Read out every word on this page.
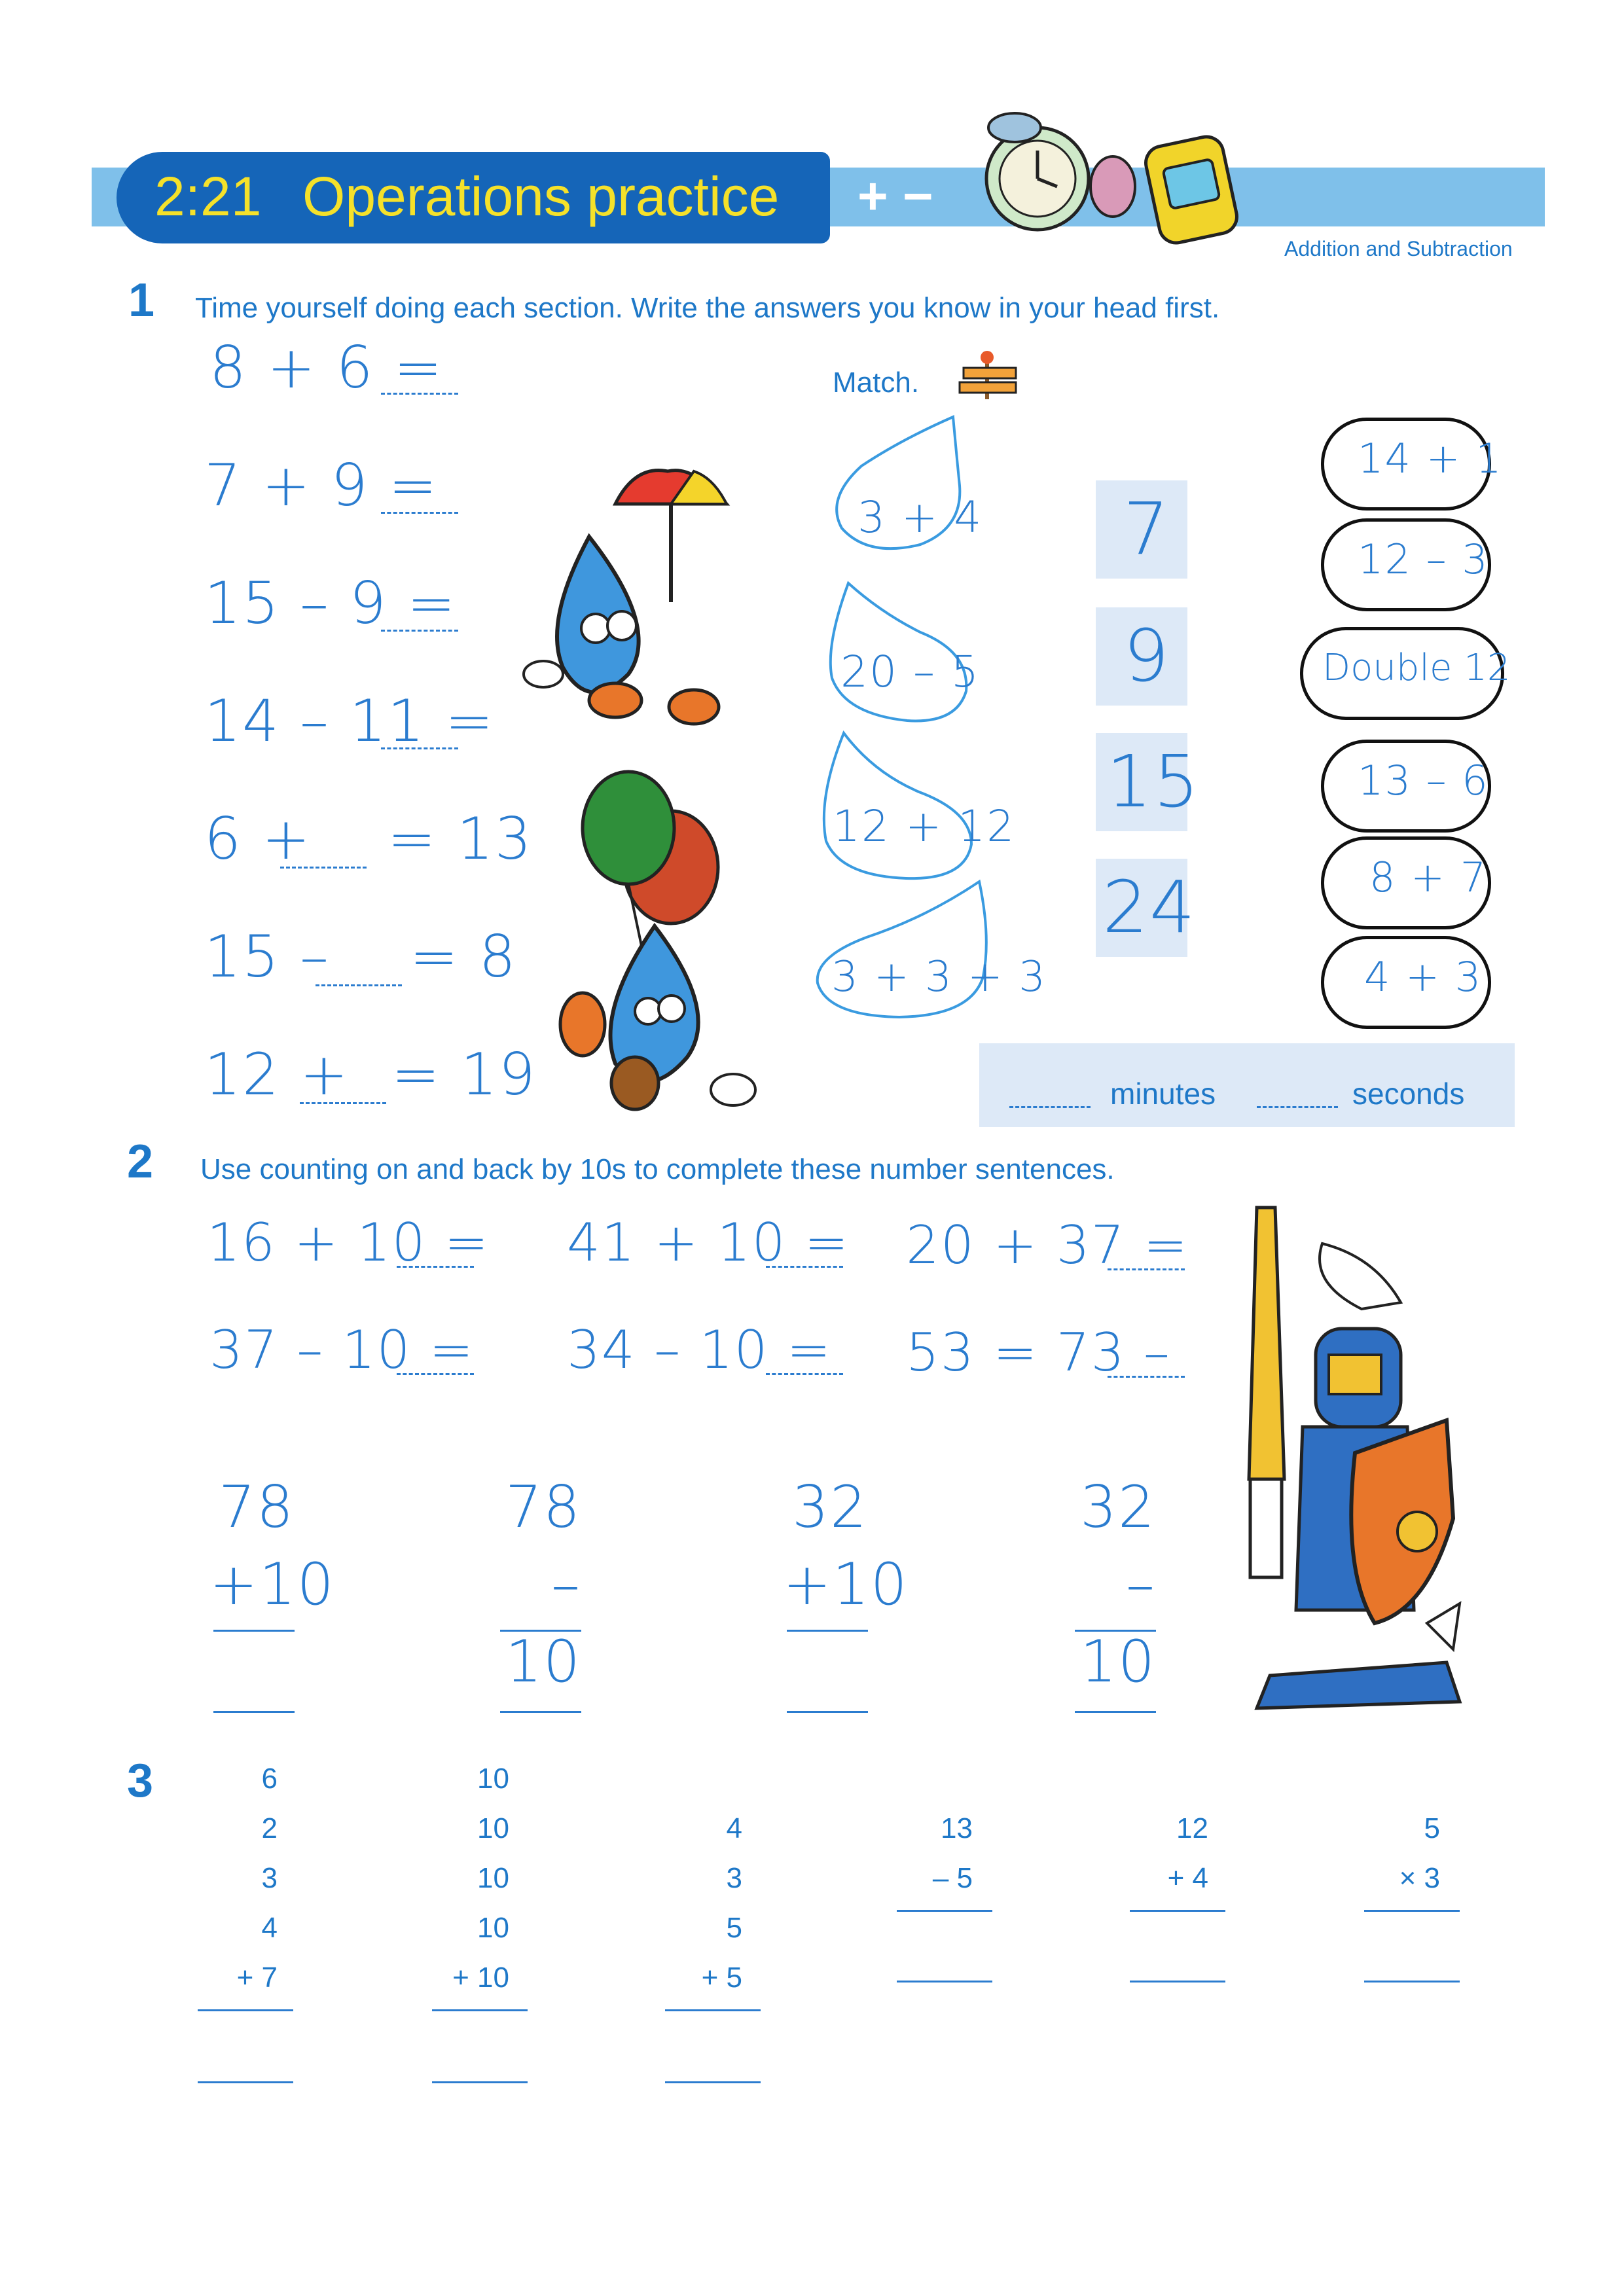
2:21 Operations practice + −
Addition and Subtraction
1 Time yourself doing each section. Write the answers you know in your head first.
8 + 6 =
7 + 9 =
15 – 9 =
14 – 11 =
6 + = 13
15 – = 8
12 + = 19
Match.
3 + 4
20 – 5
12 + 12
3 + 3 + 3
7
9
15
24
14 + 1
12 – 3
Double 12
13 – 6
8 + 7
4 + 3
minutes	seconds
2 Use counting on and back by 10s to complete these number sentences.
16 + 10 = 41 + 10 = 20 + 37 =
37 – 10 = 34 – 10 = 53 = 73 –
78
+10
78
–10
32
+10
32
–10
3	6
2
3
4
+ 7
10
10
10
10
+ 10
4
3
5
+ 5
13
– 5
12
+ 4
5
× 3
